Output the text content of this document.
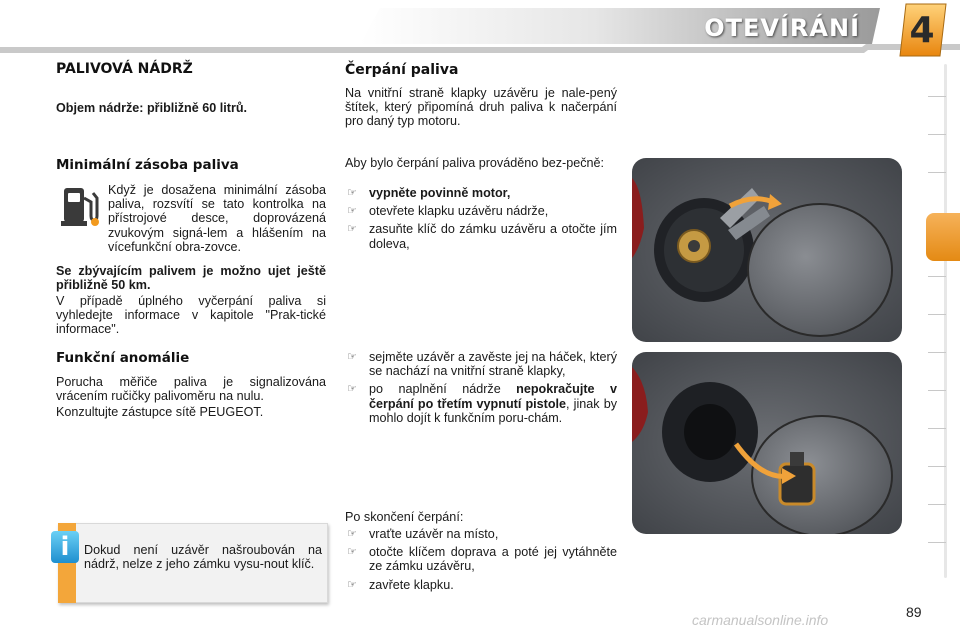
OTEVÍRÁNÍ 4
PALIVOVÁ NÁDRŽ
Objem nádrže: přibližně 60 litrů.
Minimální zásoba paliva
Když je dosažena minimální zásoba paliva, rozsvítí se tato kontrolka na přístrojové desce, doprovázená zvukovým signá-lem a hlášením na vícefunkční obra-zovce.
Se zbývajícím palivem je možno ujet ještě přibližně 50 km.
V případě úplného vyčerpání paliva si vyhledejte informace v kapitole "Prak-tické informace".
Funkční anomálie
Porucha měřiče paliva je signalizována vrácením ručičky palivoměru na nulu.
Konzultujte zástupce sítě PEUGEOT.
i	Dokud není uzávěr našroubován na nádrž, nelze z jeho zámku vysu-nout klíč.
Čerpání paliva
Na vnitřní straně klapky uzávěru je nale-pený štítek, který připomíná druh paliva k načerpání pro daný typ motoru.
Aby bylo čerpání paliva prováděno bez-pečně:
☞ vypněte povinně motor,
☞ otevřete klapku uzávěru nádrže,
☞ zasuňte klíč do zámku uzávěru a otočte jím doleva,
☞ sejměte uzávěr a zavěste jej na háček, který se nachází na vnitřní straně klapky,
☞ po naplnění nádrže nepokračujte v čerpání po třetím vypnutí pistole, jinak by mohlo dojít k funkčním poru-chám.
Po skončení čerpání:
☞ vraťte uzávěr na místo,
☞ otočte klíčem doprava a poté jej vytáhněte ze zámku uzávěru,
☞ zavřete klapku.
carmanualsonline.info	89
